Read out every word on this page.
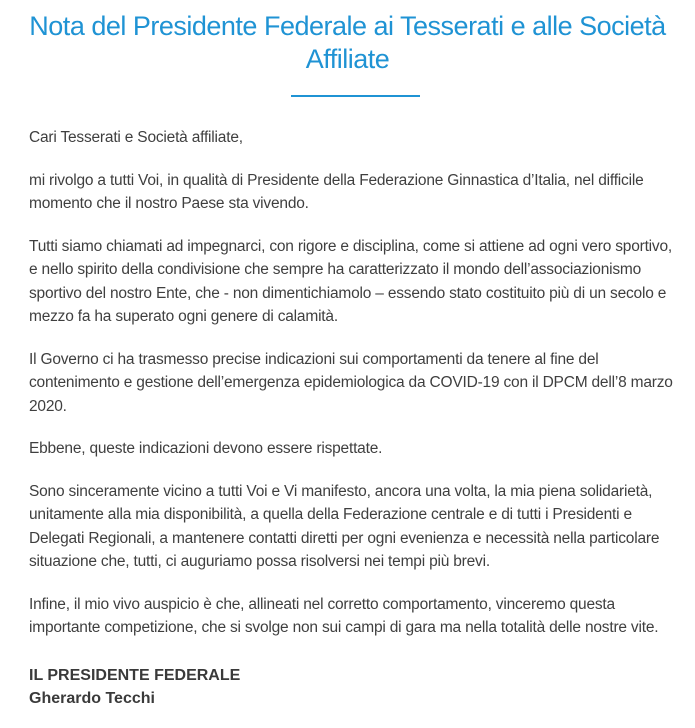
Nota del Presidente Federale ai Tesserati e alle Società
Affiliate

Cari Tesserati e Società affiliate,

mi rivolgo a tutti Voi, in qualità di Presidente della Federazione Ginnastica d’Italia, nel difficile momento che il nostro Paese sta vivendo.

Tutti siamo chiamati ad impegnarci, con rigore e disciplina, come si attiene ad ogni vero sportivo, e nello spirito della condivisione che sempre ha caratterizzato il mondo dell’associazionismo sportivo del nostro Ente, che - non dimentichiamolo – essendo stato costituito più di un secolo e mezzo fa ha superato ogni genere di calamità.

Il Governo ci ha trasmesso precise indicazioni sui comportamenti da tenere al fine del contenimento e gestione dell’emergenza epidemiologica da COVID-19 con il DPCM dell’8 marzo 2020.

Ebbene, queste indicazioni devono essere rispettate.

Sono sinceramente vicino a tutti Voi e Vi manifesto, ancora una volta, la mia piena solidarietà, unitamente alla mia disponibilità, a quella della Federazione centrale e di tutti i Presidenti e Delegati Regionali, a mantenere contatti diretti per ogni evenienza e necessità nella particolare situazione che, tutti, ci auguriamo possa risolversi nei tempi più brevi.

Infine, il mio vivo auspicio è che, allineati nel corretto comportamento, vinceremo questa importante competizione, che si svolge non sui campi di gara ma nella totalità delle nostre vite.

IL PRESIDENTE FEDERALE
Gherardo Tecchi
